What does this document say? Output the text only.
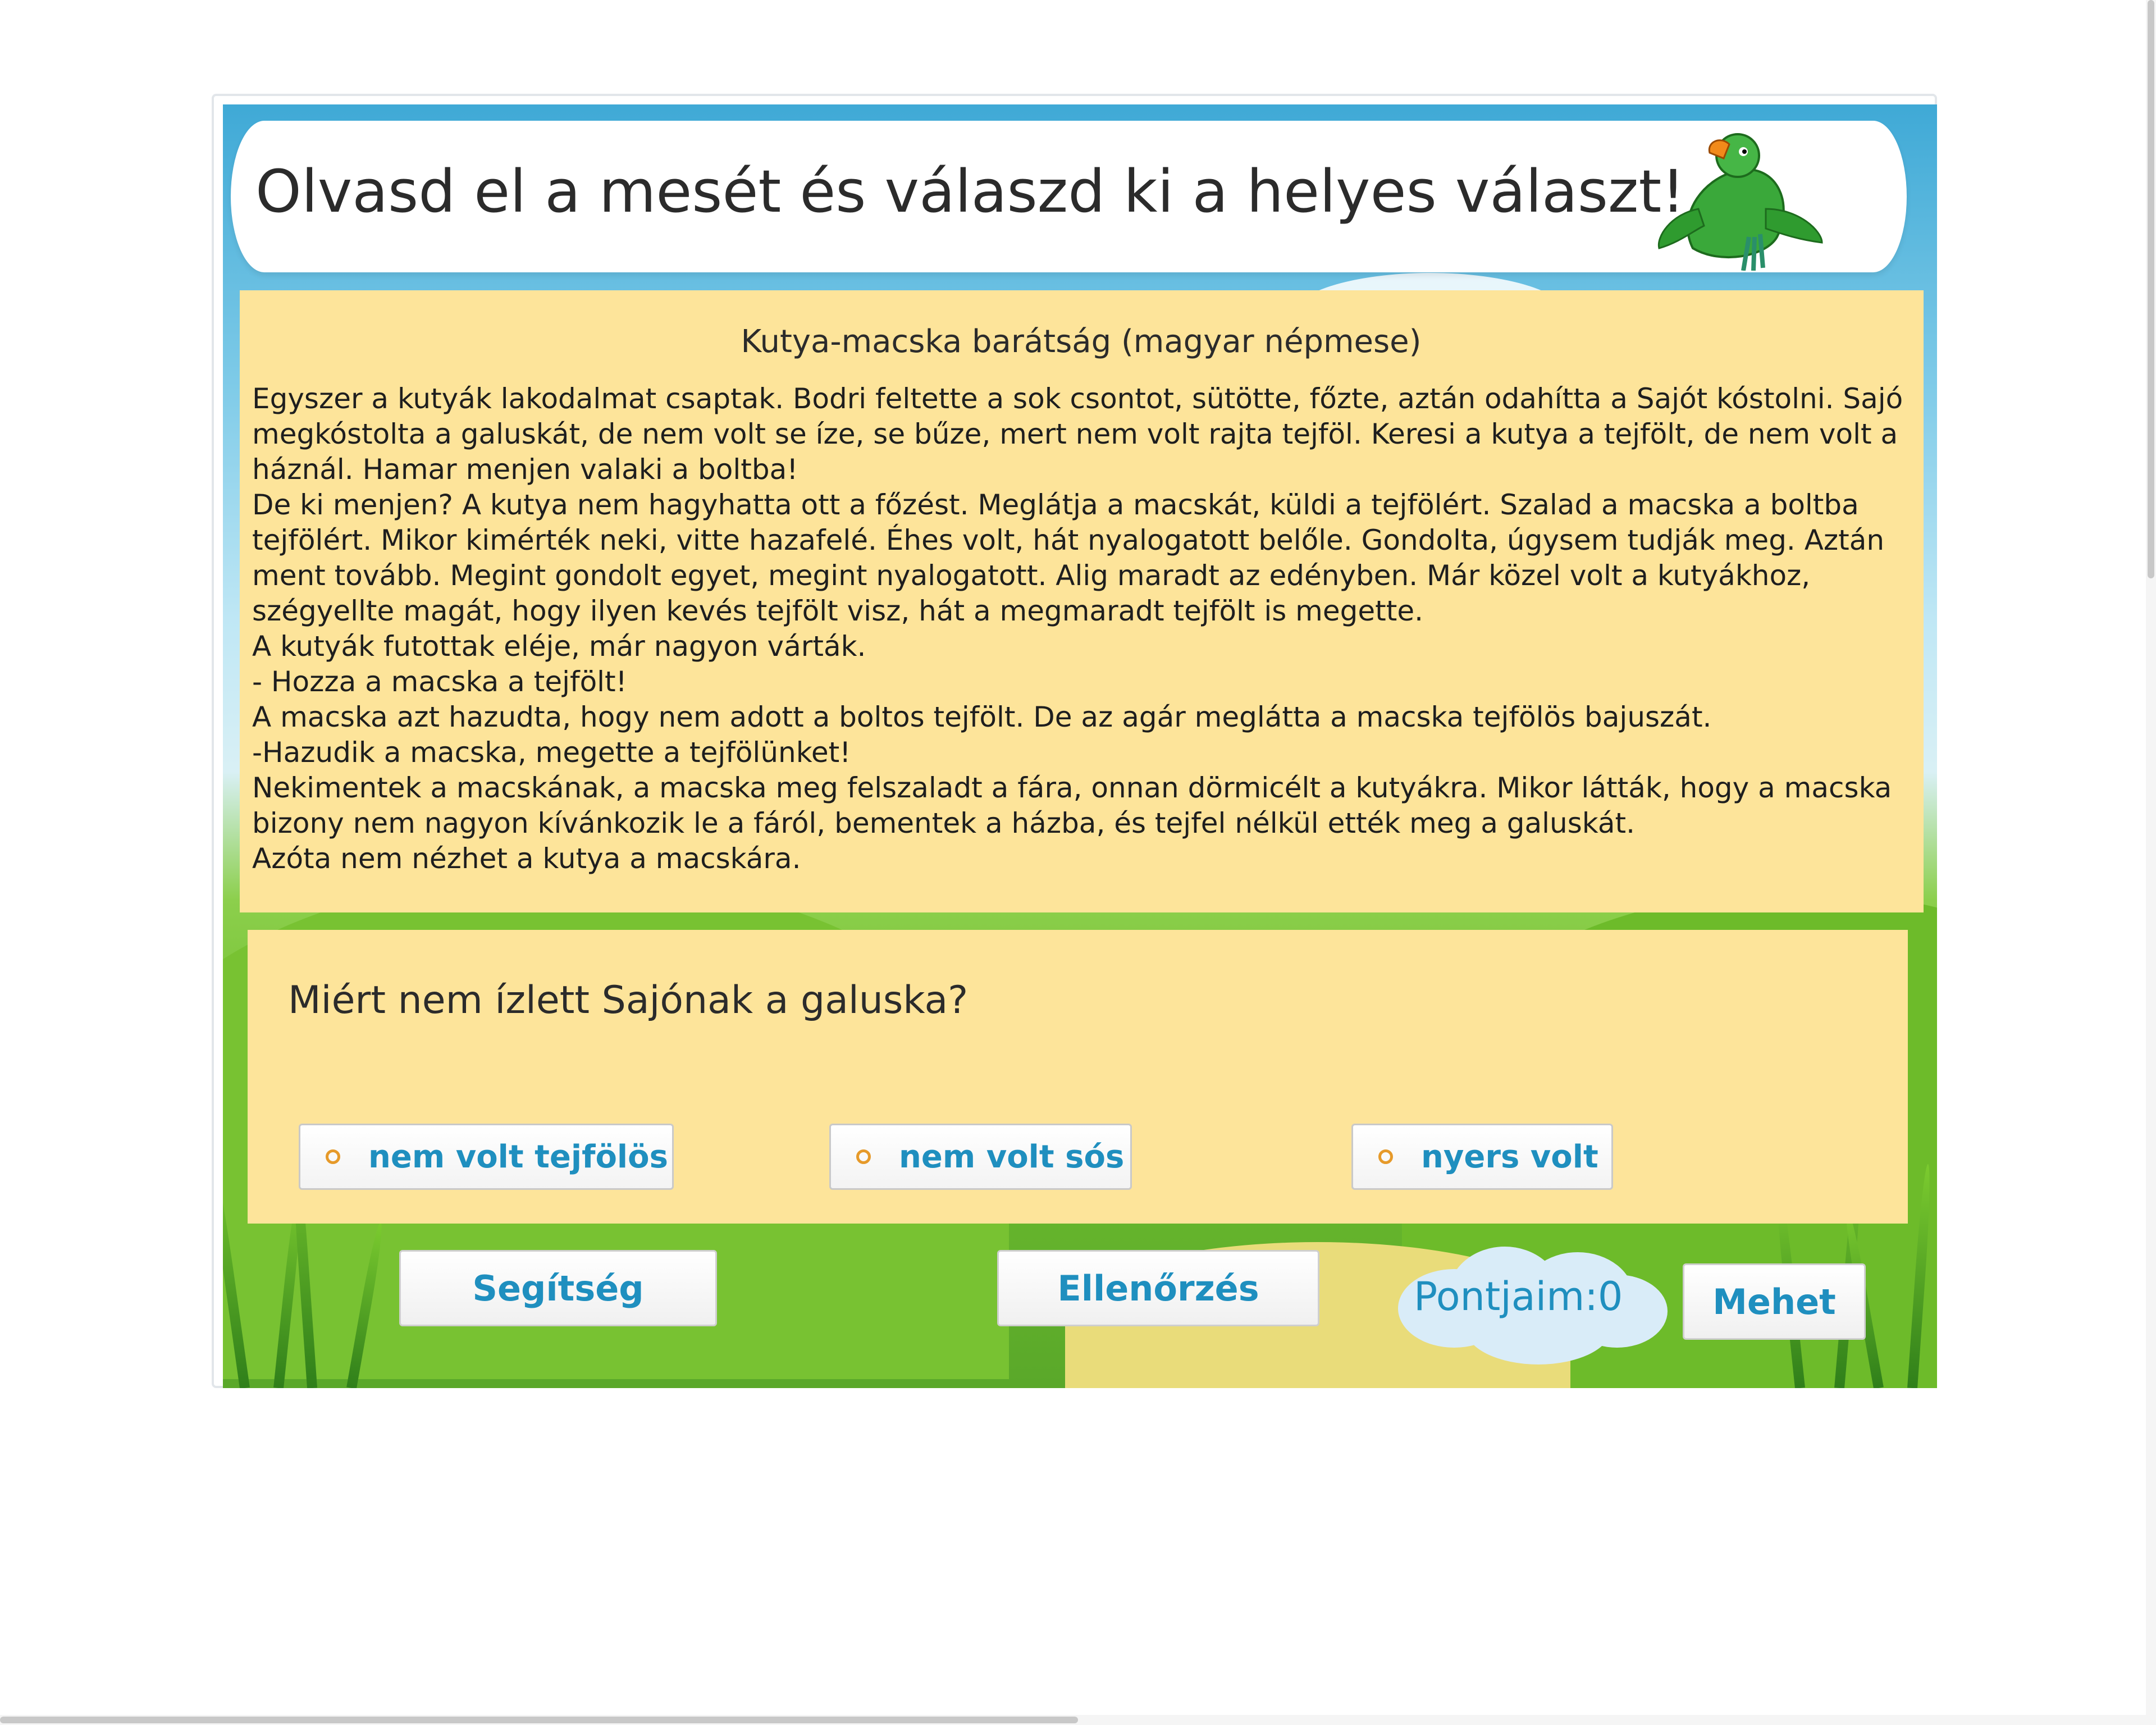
Olvasd el a mesét és válaszd ki a helyes választ!
Kutya-macska barátság (magyar népmese)
Egyszer a kutyák lakodalmat csaptak. Bodri feltette a sok csontot, sütötte, főzte, aztán odahítta a Sajót kóstolni. Sajó megkóstolta a galuskát, de nem volt se íze, se bűze, mert nem volt rajta tejföl. Keresi a kutya a tejfölt, de nem volt a háznál. Hamar menjen valaki a boltba!
De ki menjen? A kutya nem hagyhatta ott a főzést. Meglátja a macskát, küldi a tejfölért. Szalad a macska a boltba tejfölért. Mikor kimérték neki, vitte hazafelé. Éhes volt, hát nyalogatott belőle. Gondolta, úgysem tudják meg. Aztán ment tovább. Megint gondolt egyet, megint nyalogatott. Alig maradt az edényben. Már közel volt a kutyákhoz, szégyellte magát, hogy ilyen kevés tejfölt visz, hát a megmaradt tejfölt is megette.
A kutyák futottak eléje, már nagyon várták.
- Hozza a macska a tejfölt!
A macska azt hazudta, hogy nem adott a boltos tejfölt. De az agár meglátta a macska tejfölös bajuszát.
-Hazudik a macska, megette a tejfölünket!
Nekimentek a macskának, a macska meg felszaladt a fára, onnan dörmicélt a kutyákra. Mikor látták, hogy a macska bizony nem nagyon kívánkozik le a fáról, bementek a házba, és tejfel nélkül ették meg a galuskát.
Azóta nem nézhet a kutya a macskára.
Miért nem ízlett Sajónak a galuska?
nem volt tejfölös	nem volt sós	nyers volt
Segítség	Ellenőrzés	Pontjaim:0	Mehet
